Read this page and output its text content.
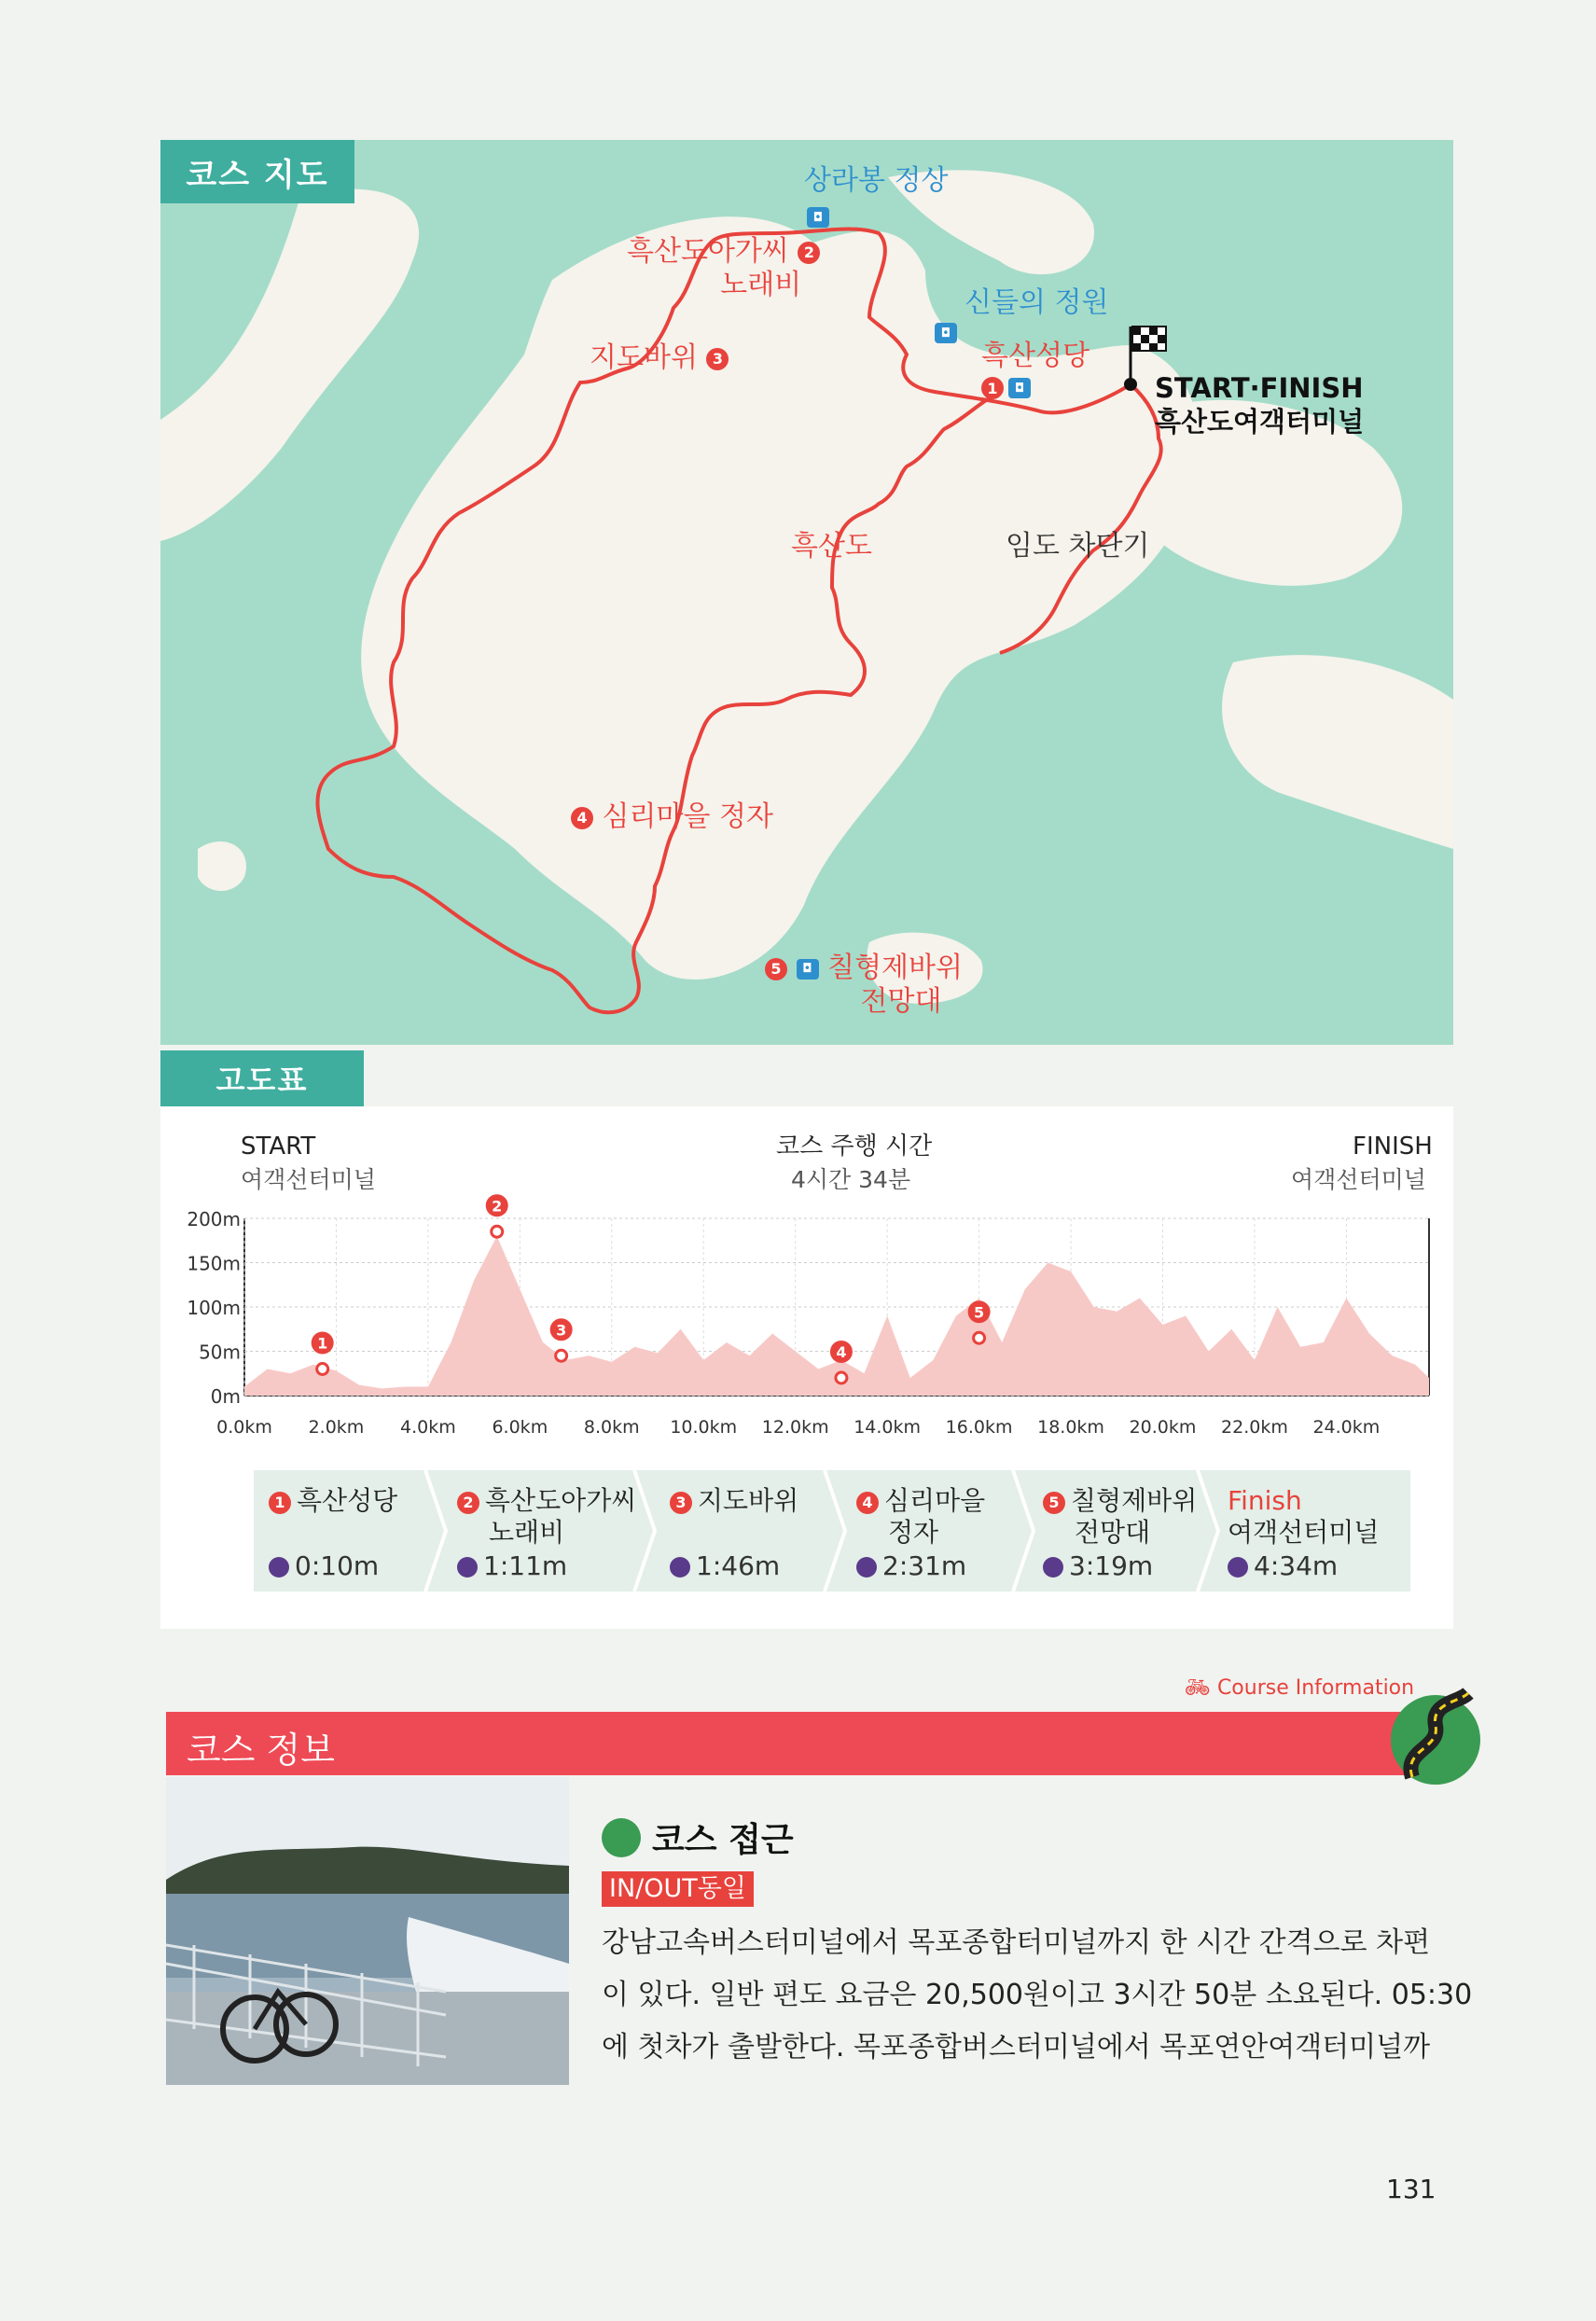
상라봉 정상
◘
흑산도아가씨 2
노래비
신들의 정원
◘
흑산성당
1 ◘
지도바위 3
START·FINISH
흑산도여객터미널
흑산도	임도 차단기
4 심리마을 정자
5 ◘ 칠형제바위
전망대
코스 지도
START
여객선터미널
코스 주행 시간
4시간 34분
FINISH
여객선터미널
0m
50m
100m
150m
200m
0.0km 2.0km 4.0km 6.0km 8.0km 10.0km 12.0km 14.0km 16.0km 18.0km 20.0km 22.0km 24.0km
1
2
3
4
5
1 흑산성당
0:10m
2 흑산도아가씨
노래비
1:11m
3 지도바위
1:46m
4 심리마을
정자
2:31m
5 칠형제바위
전망대
3:19m
Finish
여객선터미널
4:34m
고도표
🚲︎ Course Information
코스 정보
코스 접근
IN/OUT동일
강남고속버스터미널에서 목포종합터미널까지 한 시간 간격으로 차편
이 있다. 일반 편도 요금은 20,500원이고 3시간 50분 소요된다. 05:30
에 첫차가 출발한다. 목포종합버스터미널에서 목포연안여객터미널까
131
